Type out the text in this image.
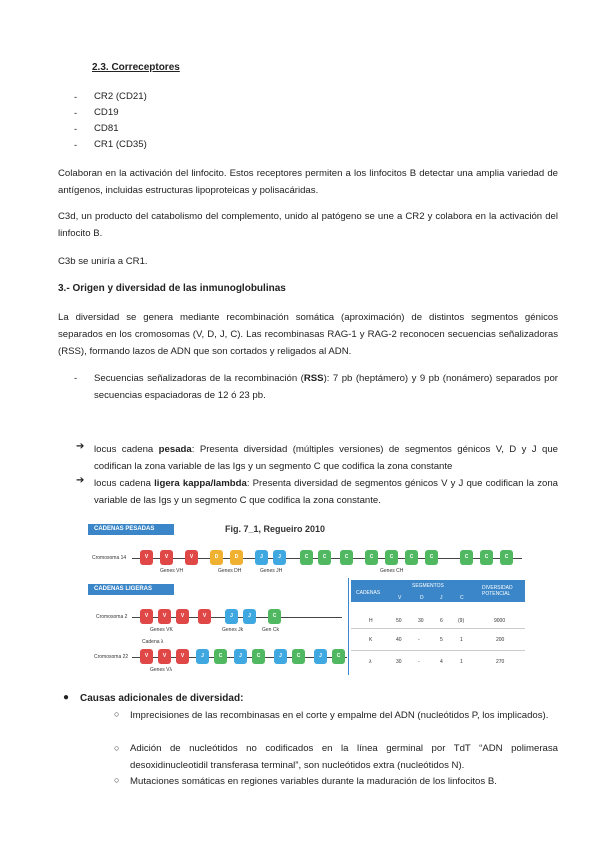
2.3. Correceptores
- CR2 (CD21)
- CD19
- CD81
- CR1 (CD35)
Colaboran en la activación del linfocito. Estos receptores permiten a los linfocitos B detectar una amplia variedad de antígenos, incluidas estructuras lipoproteicas y polisacáridas.
C3d, un producto del catabolismo del complemento, unido al patógeno se une a CR2 y colabora en la activación del linfocito B.
C3b se uniría a CR1.
3.- Origen y diversidad de las inmunoglobulinas
La diversidad se genera mediante recombinación somática (aproximación) de distintos segmentos génicos separados en los cromosomas (V, D, J, C). Las recombinasas RAG-1 y RAG-2 reconocen secuencias señalizadoras (RSS), formando lazos de ADN que son cortados y religados al ADN.
- Secuencias señalizadoras de la recombinación (RSS): 7 pb (heptámero) y 9 pb (nonámero) separados por secuencias espaciadoras de 12 ó 23 pb.
➔ locus cadena pesada: Presenta diversidad (múltiples versiones) de segmentos génicos V, D y J que codifican la zona variable de las Igs y un segmento C que codifica la zona constante
➔ locus cadena ligera kappa/lambda: Presenta diversidad de segmentos génicos V y J que codifican la zona variable de las Igs y un segmento C que codifica la zona constante.
CADENAS PESADAS	Fig. 7_1, Regueiro 2010
Cromosoma 14	V	V	V	D	D	J	J	C	C	C	C	C	C	C	C	C	C
Genes VH	Genes DH	Genes JH	Genes CH
CADENAS LIGERAS
Cromosoma 2	V	V	V	V	J	J	C
Genes VK	Genes Jk	Gen Ck
Cadena λ
Cromosoma 22	V	V	V	J	C	J	C	J	C	J	C
Genes Vλ
CADENAS
SEGMENTOS
V	D	J	C
DIVERSIDAD POTENCIAL
H	50	30	6	(9)	9000
K	40	-	5	1	200
λ	30	-	4	1	270
● Causas adicionales de diversidad:
○ Imprecisiones de las recombinasas en el corte y empalme del ADN (nucleótidos P, los implicados).
○ Adición de nucleótidos no codificados en la línea germinal por TdT “ADN polimerasa desoxidinucleotidil transferasa terminal”, son nucleótidos extra (nucleótidos N).
○ Mutaciones somáticas en regiones variables durante la maduración de los linfocitos B.
